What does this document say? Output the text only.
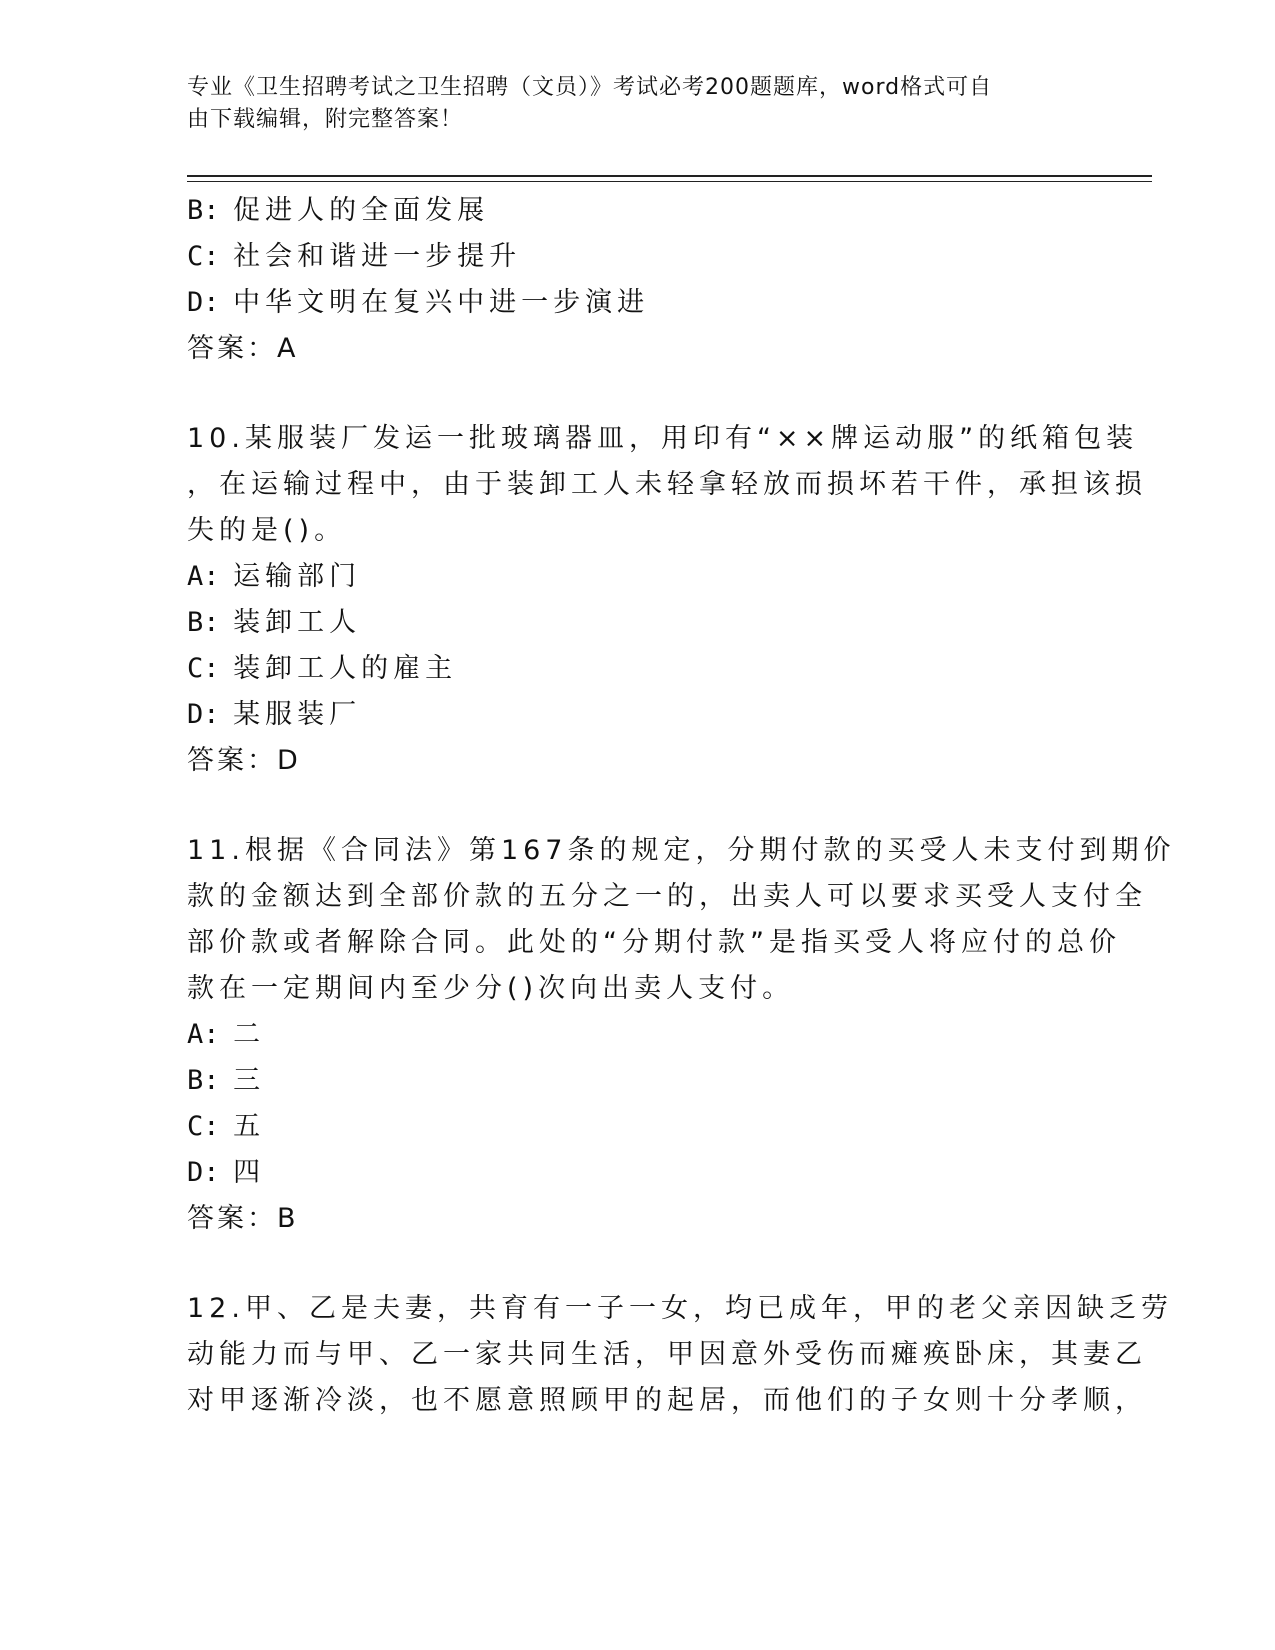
专业《卫生招聘考试之卫生招聘（文员）》考试必考200题题库，word格式可自
由下载编辑，附完整答案！
B: 促进人的全面发展
C: 社会和谐进一步提升
D: 中华文明在复兴中进一步演进
答案：A
10.某服装厂发运一批玻璃器皿，用印有“××牌运动服”的纸箱包装
，在运输过程中，由于装卸工人未轻拿轻放而损坏若干件，承担该损
失的是()。
A: 运输部门
B: 装卸工人
C: 装卸工人的雇主
D: 某服装厂
答案：D
11.根据《合同法》第167条的规定，分期付款的买受人未支付到期价
款的金额达到全部价款的五分之一的，出卖人可以要求买受人支付全
部价款或者解除合同。此处的“分期付款”是指买受人将应付的总价
款在一定期间内至少分()次向出卖人支付。
A: 二
B: 三
C: 五
D: 四
答案：B
12.甲、乙是夫妻，共育有一子一女，均已成年，甲的老父亲因缺乏劳
动能力而与甲、乙一家共同生活，甲因意外受伤而瘫痪卧床，其妻乙
对甲逐渐冷淡，也不愿意照顾甲的起居，而他们的子女则十分孝顺，
